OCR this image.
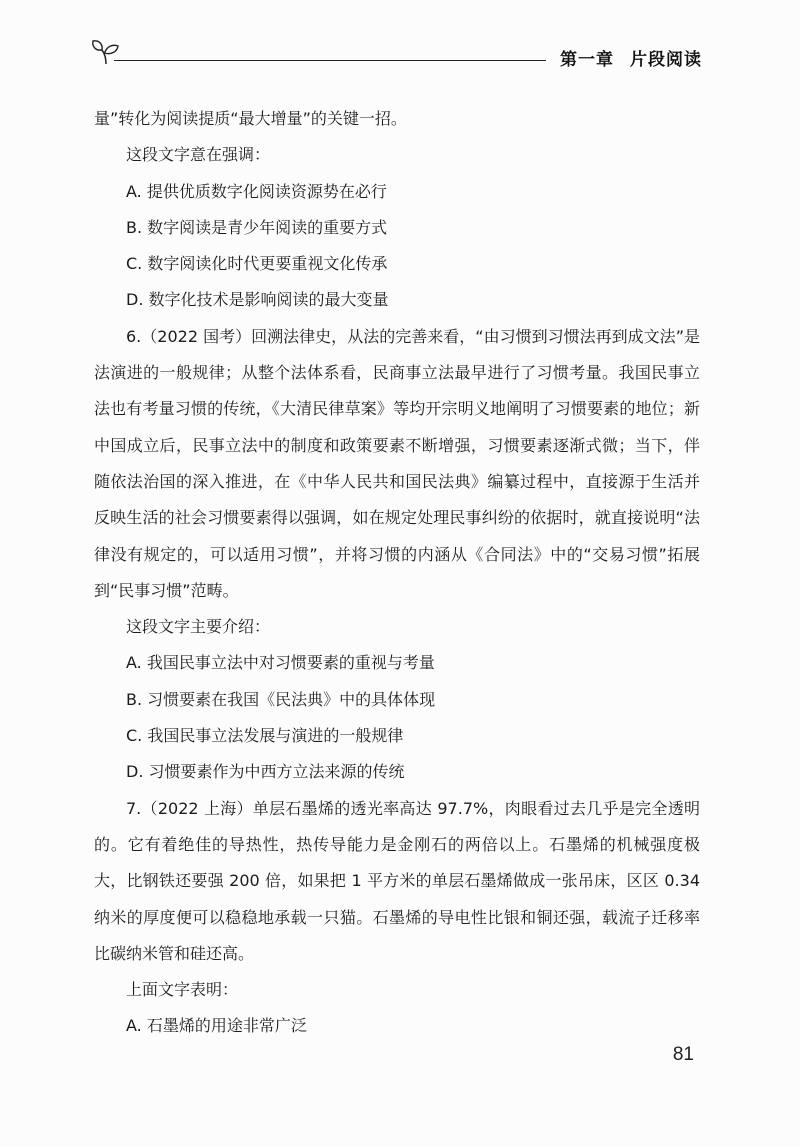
第一章 片段阅读

量”转化为阅读提质“最大增量”的关键一招。

这段文字意在强调：

A. 提供优质数字化阅读资源势在必行

B. 数字阅读是青少年阅读的重要方式

C. 数字阅读化时代更要重视文化传承

D. 数字化技术是影响阅读的最大变量

6.（2022 国考）回溯法律史，从法的完善来看，“由习惯到习惯法再到成文法”是法演进的一般规律；从整个法体系看，民商事立法最早进行了习惯考量。我国民事立法也有考量习惯的传统，《大清民律草案》等均开宗明义地阐明了习惯要素的地位；新中国成立后，民事立法中的制度和政策要素不断增强，习惯要素逐渐式微；当下，伴随依法治国的深入推进，在《中华人民共和国民法典》编纂过程中，直接源于生活并反映生活的社会习惯要素得以强调，如在规定处理民事纠纷的依据时，就直接说明“法律没有规定的，可以适用习惯”，并将习惯的内涵从《合同法》中的“交易习惯”拓展到“民事习惯”范畴。

这段文字主要介绍：

A. 我国民事立法中对习惯要素的重视与考量

B. 习惯要素在我国《民法典》中的具体体现

C. 我国民事立法发展与演进的一般规律

D. 习惯要素作为中西方立法来源的传统

7.（2022 上海）单层石墨烯的透光率高达 97.7%，肉眼看过去几乎是完全透明的。它有着绝佳的导热性，热传导能力是金刚石的两倍以上。石墨烯的机械强度极大，比钢铁还要强 200 倍，如果把 1 平方米的单层石墨烯做成一张吊床，区区 0.34 纳米的厚度便可以稳稳地承载一只猫。石墨烯的导电性比银和铜还强，载流子迁移率比碳纳米管和硅还高。

上面文字表明：

A. 石墨烯的用途非常广泛

81
